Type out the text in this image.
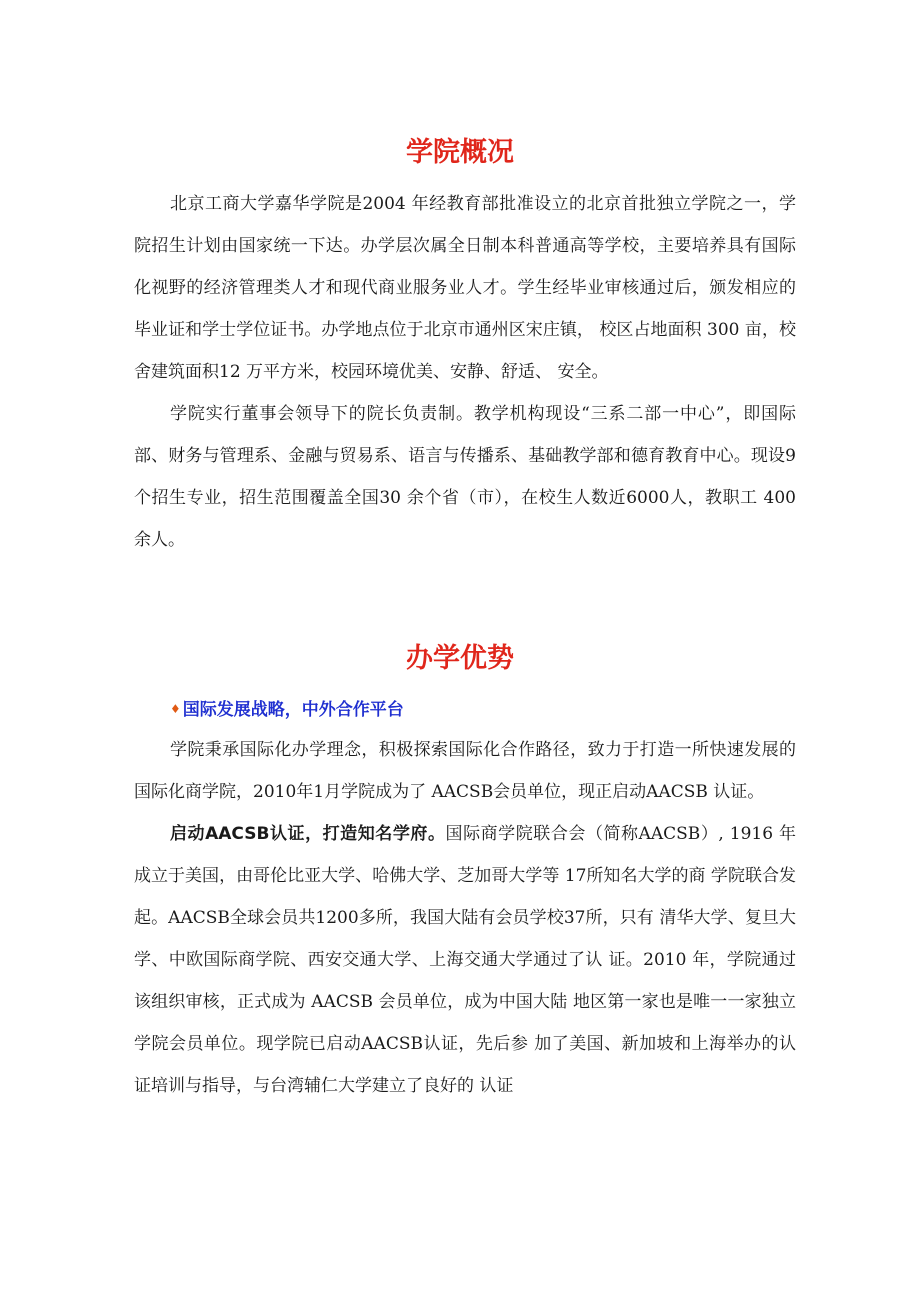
学院概况

北京工商大学嘉华学院是2004 年经教育部批准设立的北京首批独立学院之一，学院招生计划由国家统一下达。办学层次属全日制本科普通高等学校，主要培养具有国际化视野的经济管理类人才和现代商业服务业人才。学生经毕业审核通过后，颁发相应的毕业证和学士学位证书。办学地点位于北京市通州区宋庄镇， 校区占地面积 300 亩，校舍建筑面积12 万平方米，校园环境优美、安静、舒适、 安全。

学院实行董事会领导下的院长负责制。教学机构现设“三系二部一中心”，即国际部、财务与管理系、金融与贸易系、语言与传播系、基础教学部和德育教育中心。现设9 个招生专业，招生范围覆盖全国30 余个省（市），在校生人数近6000人，教职工 400 余人。

办学优势
♦ 国际发展战略，中外合作平台

学院秉承国际化办学理念，积极探索国际化合作路径，致力于打造一所快速发展的国际化商学院，2010年1月学院成为了 AACSB会员单位，现正启动AACSB 认证。

启动AACSB认证，打造知名学府。国际商学院联合会（简称AACSB）, 1916 年成立于美国，由哥伦比亚大学、哈佛大学、芝加哥大学等 17所知名大学的商 学院联合发起。AACSB全球会员共1200多所，我国大陆有会员学校37所，只有 清华大学、复旦大学、中欧国际商学院、西安交通大学、上海交通大学通过了认 证。2010 年，学院通过该组织审核，正式成为 AACSB 会员单位，成为中国大陆 地区第一家也是唯一一家独立学院会员单位。现学院已启动AACSB认证，先后参 加了美国、新加坡和上海举办的认证培训与指导，与台湾辅仁大学建立了良好的 认证
